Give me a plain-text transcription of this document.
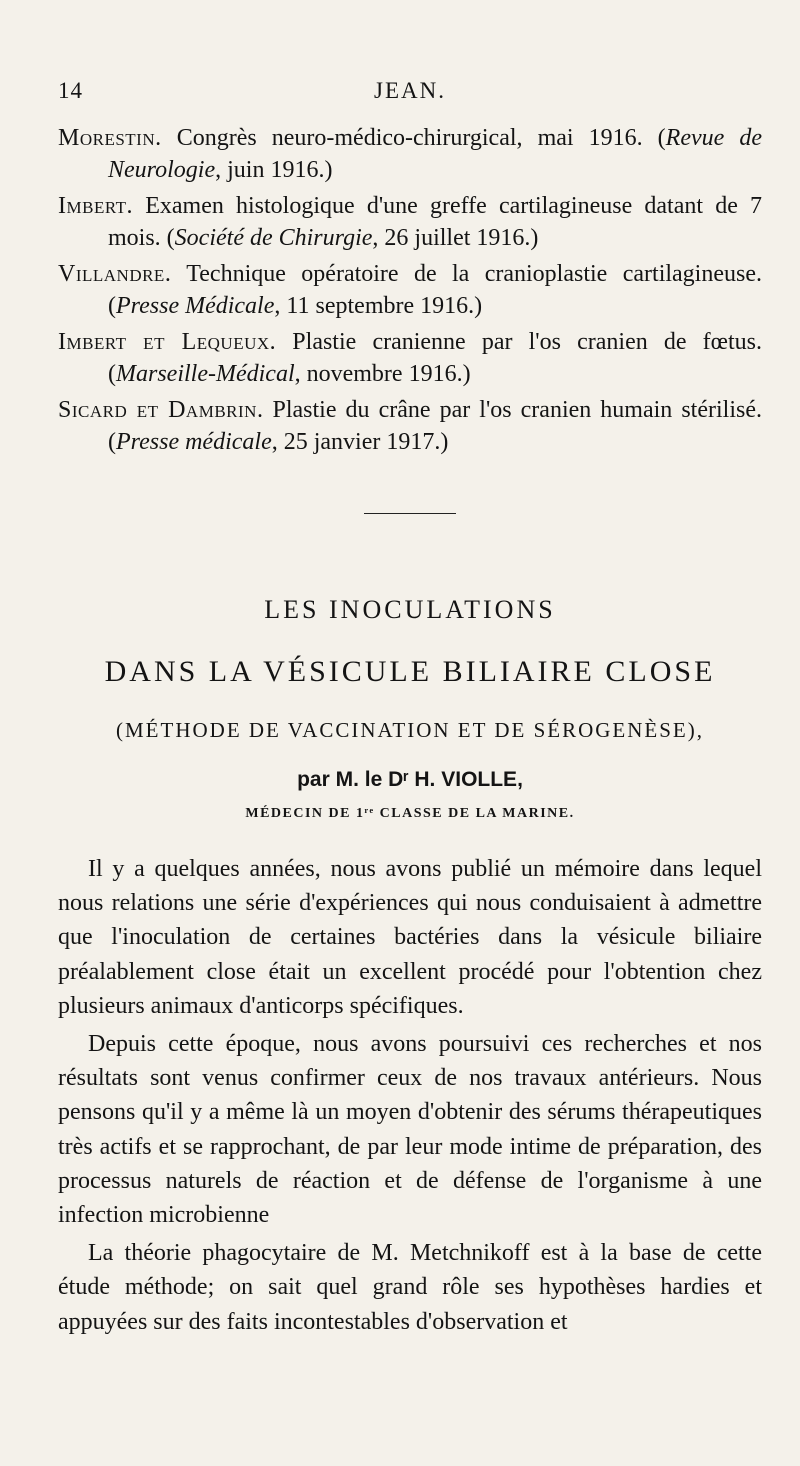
14	JEAN.

Morestin. Congrès neuro-médico-chirurgical, mai 1916. (Revue de Neurologie, juin 1916.)

Imbert. Examen histologique d'une greffe cartilagineuse datant de 7 mois. (Société de Chirurgie, 26 juillet 1916.)

Villandre. Technique opératoire de la cranioplastie cartilagineuse. (Presse Médicale, 11 septembre 1916.)

Imbert et Lequeux. Plastie cranienne par l'os cranien de fœtus. (Marseille-Médical, novembre 1916.)

Sicard et Dambrin. Plastie du crâne par l'os cranien humain stérilisé. (Presse médicale, 25 janvier 1917.)

LES INOCULATIONS
DANS LA VÉSICULE BILIAIRE CLOSE
(MÉTHODE DE VACCINATION ET DE SÉROGENÈSE),
par M. le Dʳ H. VIOLLE,
MÉDECIN DE 1ʳᵉ CLASSE DE LA MARINE.

Il y a quelques années, nous avons publié un mémoire dans lequel nous relations une série d'expériences qui nous conduisaient à admettre que l'inoculation de certaines bactéries dans la vésicule biliaire préalablement close était un excellent procédé pour l'obtention chez plusieurs animaux d'anticorps spécifiques.

Depuis cette époque, nous avons poursuivi ces recherches et nos résultats sont venus confirmer ceux de nos travaux antérieurs. Nous pensons qu'il y a même là un moyen d'obtenir des sérums thérapeutiques très actifs et se rapprochant, de par leur mode intime de préparation, des processus naturels de réaction et de défense de l'organisme à une infection microbienne

La théorie phagocytaire de M. Metchnikoff est à la base de cette étude méthode; on sait quel grand rôle ses hypothèses hardies et appuyées sur des faits incontestables d'observation et
